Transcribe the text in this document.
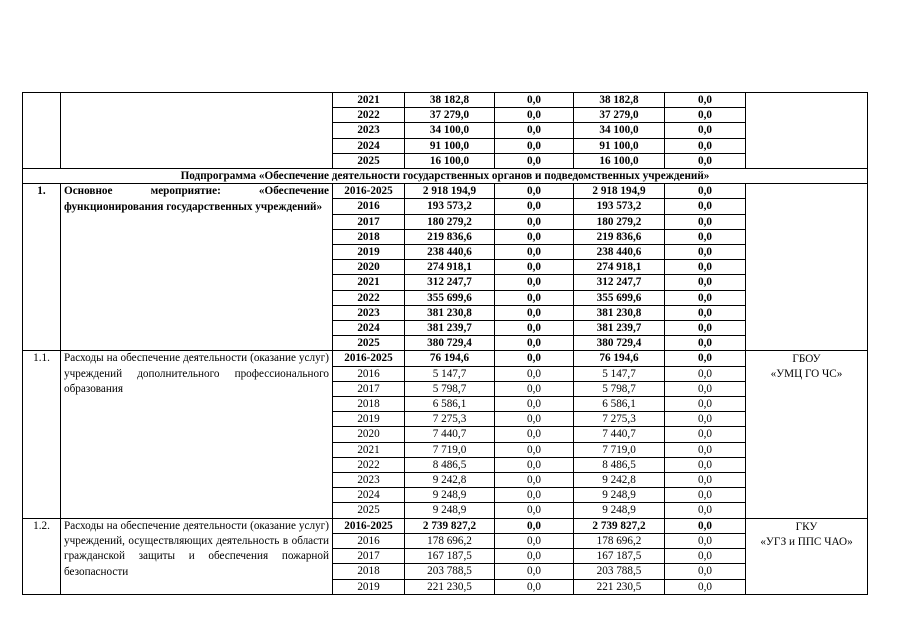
		2021	38 182,8	0,0	38 182,8	0,0	
		2022	37 279,0	0,0	37 279,0	0,0	
		2023	34 100,0	0,0	34 100,0	0,0	
		2024	91 100,0	0,0	91 100,0	0,0	
		2025	16 100,0	0,0	16 100,0	0,0	
Подпрограмма «Обеспечение деятельности государственных органов и подведомственных учреждений»							
1.	Основное мероприятие: «Обеспечение функционирования государственных учреждений»	2016-2025	2 918 194,9	0,0	2 918 194,9	0,0	
		2016	193 573,2	0,0	193 573,2	0,0	
		2017	180 279,2	0,0	180 279,2	0,0	
		2018	219 836,6	0,0	219 836,6	0,0	
		2019	238 440,6	0,0	238 440,6	0,0	
		2020	274 918,1	0,0	274 918,1	0,0	
		2021	312 247,7	0,0	312 247,7	0,0	
		2022	355 699,6	0,0	355 699,6	0,0	
		2023	381 230,8	0,0	381 230,8	0,0	
		2024	381 239,7	0,0	381 239,7	0,0	
		2025	380 729,4	0,0	380 729,4	0,0	
1.1.	Расходы на обеспечение деятельности (оказание услуг) учреждений дополнительного профессионального образования	2016-2025	76 194,6	0,0	76 194,6	0,0	ГБОУ
«УМЦ ГО ЧС»

		2016	5 147,7	0,0	5 147,7	0,0	
		2017	5 798,7	0,0	5 798,7	0,0	
		2018	6 586,1	0,0	6 586,1	0,0	
		2019	7 275,3	0,0	7 275,3	0,0	
		2020	7 440,7	0,0	7 440,7	0,0	
		2021	7 719,0	0,0	7 719,0	0,0	
		2022	8 486,5	0,0	8 486,5	0,0	
		2023	9 242,8	0,0	9 242,8	0,0	
		2024	9 248,9	0,0	9 248,9	0,0	
		2025	9 248,9	0,0	9 248,9	0,0	
1.2.	Расходы на обеспечение деятельности (оказание услуг) учреждений, осуществляющих деятельность в области гражданской защиты и обеспечения пожарной безопасности	2016-2025	2 739 827,2	0,0	2 739 827,2	0,0	ГКУ
«УГЗ и ППС ЧАО»

		2016	178 696,2	0,0	178 696,2	0,0	
		2017	167 187,5	0,0	167 187,5	0,0	
		2018	203 788,5	0,0	203 788,5	0,0	
		2019	221 230,5	0,0	221 230,5	0,0	
